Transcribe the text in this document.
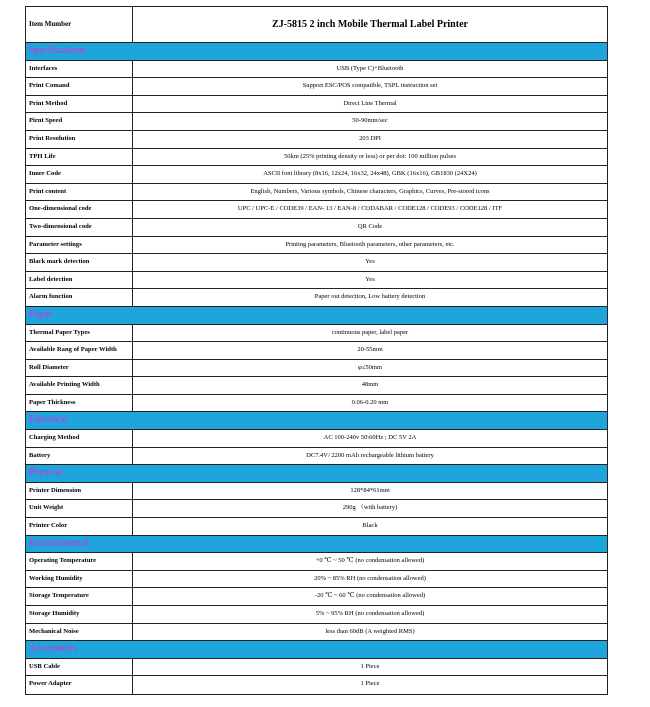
Item Mumber	ZJ-5815 2 inch Mobile Thermal Label Printer
Specifications
Interfaces	USB (Type C)+Bluetooth
Print Comand	Support ESC/POS compatible, TSPL instruction set
Print Method	Direct Line Thermal
Pirnt Speed	50-90mm/sec
Print Resolution	203 DPI
TPH Life	50km (25% printing density or less) or per dot: 100 million pulses
Inner Code	ASCII font library (8x16, 12x24, 16x32, 24x48), GBK (16x16), GB1830 (24X24)
Print content	English, Numbers, Various symbols, Chinese characters, Graphics, Curves, Pre-stored icons
One-dimensional code	UPC / UPC-E / CODE39 / EAN- 13 / EAN-8 / CODABAR / CODE128 / CODE93 / CODE128 / ITF
Two-dimensional code	QR Code
Parameter settings	Printing parameters, Bluetooth parameters, other parameters, etc.
Black mark detection	Yes
Label detection	Yes
Alarm function	Paper out detection, Low battery detection
Paper
Thermal Paper Types	continuous paper, label paper
Available Rang of Paper Width	20-55mm
Roll Diameter	φ≤50mm
Available Printing Width	48mm
Paper Thickness	0.06-0.20 mm
Electrical
Charging Method	AC 100-240v 50\60Hz ; DC 5V 2A
Battery	DC7.4V/ 2200 mAh rechargeable lithium battery
Physical
Printer Dimension	128*84*61mm
Unit Weight	290g （with battery)
Printer Color	Black
Environmental
Operating Temperature	+0 ℃ ~ 50 ℃ (no condensation allowed)
Working Humidity	20% ~ 85% RH (no condensation allowed)
Storage Temperature	-20 ℃ ~ 60 ℃ (no condensation allowed)
Storage Humidity	5% ~ 95% RH (no condensation allowed)
Mechanical Noise	less than 60dB (A weighted RMS)
Accessories
USB Cable	1 Piece
Power Adapter	1 Piece
